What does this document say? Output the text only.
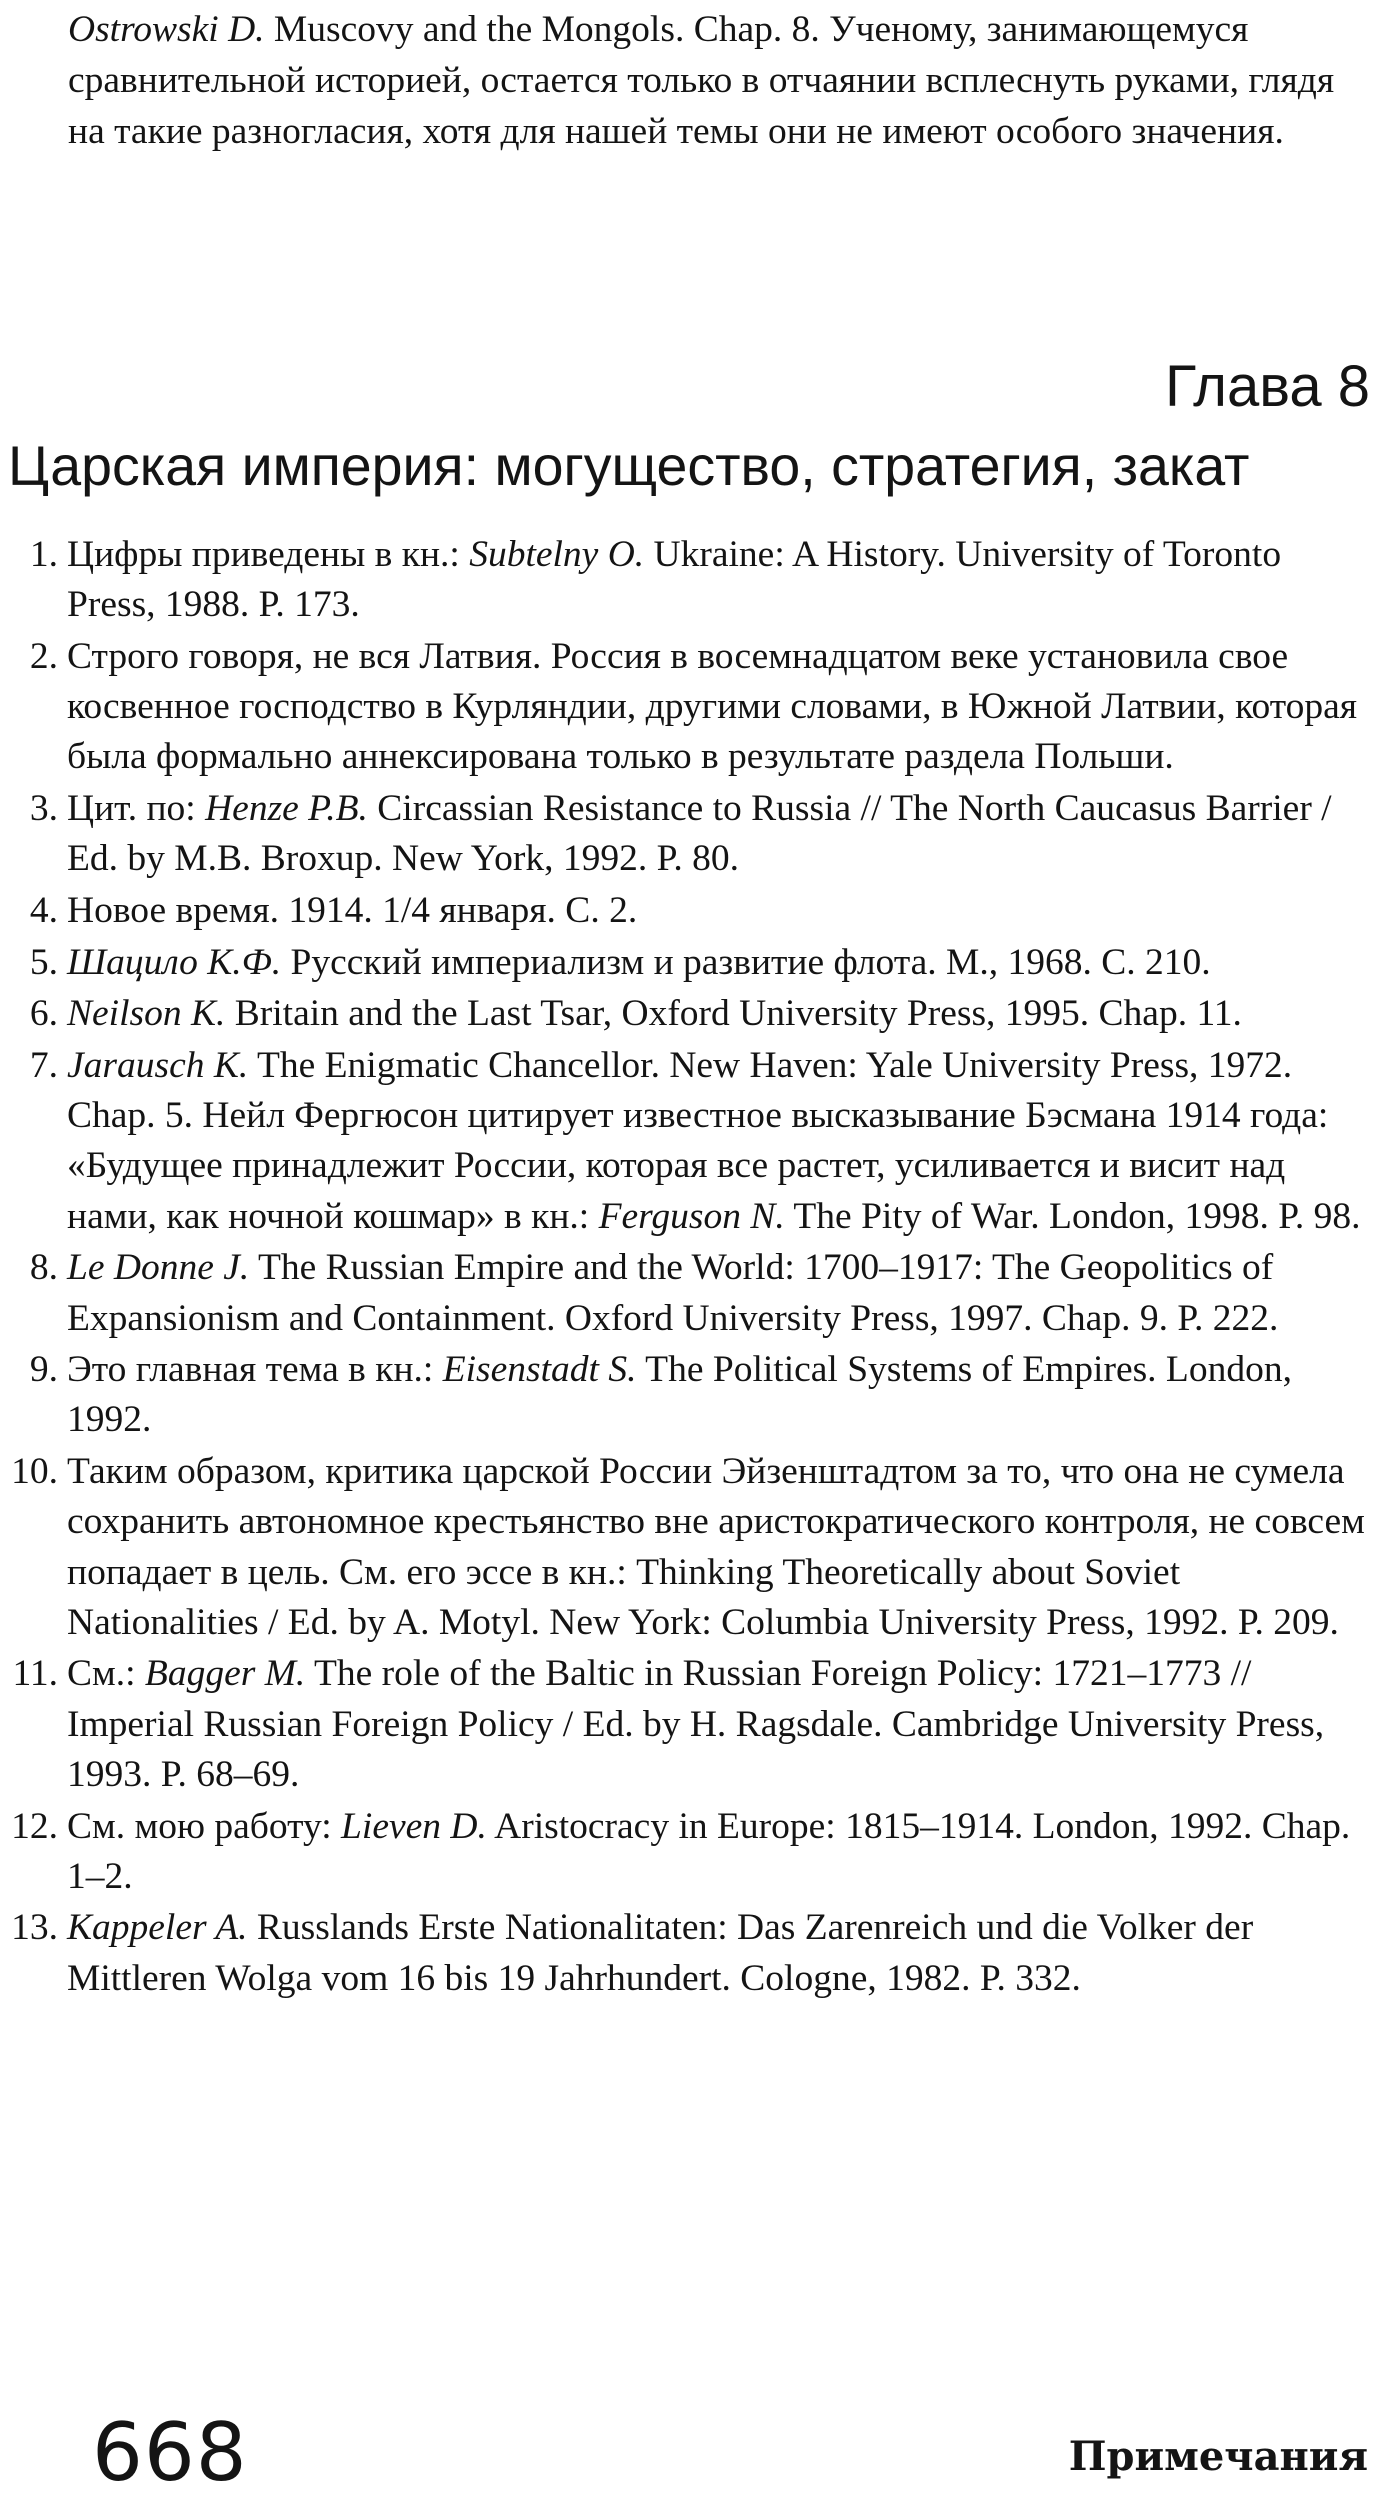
Ostrowski D. Muscovy and the Mongols. Chap. 8. Ученому, занимающемуся сравнительной историей, остается только в отчаянии всплеснуть руками, глядя на такие разногласия, хотя для нашей темы они не имеют особого значения.

Глава 8
Царская империя: могущество, стратегия, закат
1. Цифры приведены в кн.: Subtelny O. Ukraine: A History. University of Toronto Press, 1988. P. 173.
2. Строго говоря, не вся Латвия. Россия в восемнадцатом веке установила свое косвенное господство в Курляндии, другими словами, в Южной Латвии, которая была формально аннексирована только в результате раздела Польши.
3. Цит. по: Henze P.B. Circassian Resistance to Russia // The North Caucasus Barrier / Ed. by M.B. Broxup. New York, 1992. P. 80.
4. Новое время. 1914. 1/4 января. С. 2.
5. Шацило К.Ф. Русский империализм и развитие флота. М., 1968. С. 210.
6. Neilson K. Britain and the Last Tsar, Oxford University Press, 1995. Chap. 11.
7. Jarausch K. The Enigmatic Chancellor. New Haven: Yale University Press, 1972. Chap. 5. Нейл Фергюсон цитирует известное высказывание Бэсмана 1914 года: «Будущее принадлежит России, которая все растет, усиливается и висит над нами, как ночной кошмар» в кн.: Ferguson N. The Pity of War. London, 1998. P. 98.
8. Le Donne J. The Russian Empire and the World: 1700–1917: The Geopolitics of Expansionism and Containment. Oxford University Press, 1997. Chap. 9. P. 222.
9. Это главная тема в кн.: Eisenstadt S. The Political Systems of Empires. London, 1992.
10. Таким образом, критика царской России Эйзенштадтом за то, что она не сумела сохранить автономное крестьянство вне аристократического контроля, не совсем попадает в цель. См. его эссе в кн.: Thinking Theoretically about Soviet Nationalities / Ed. by A. Motyl. New York: Columbia University Press, 1992. P. 209.
11. См.: Bagger M. The role of the Baltic in Russian Foreign Policy: 1721–1773 // Imperial Russian Foreign Policy / Ed. by H. Ragsdale. Cambridge University Press, 1993. P. 68–69.
12. См. мою работу: Lieven D. Aristocracy in Europe: 1815–1914. London, 1992. Chap. 1–2.
13. Kappeler A. Russlands Erste Nationalitaten: Das Zarenreich und die Volker der Mittleren Wolga vom 16 bis 19 Jahrhundert. Cologne, 1982. P. 332.
668	Примечания
